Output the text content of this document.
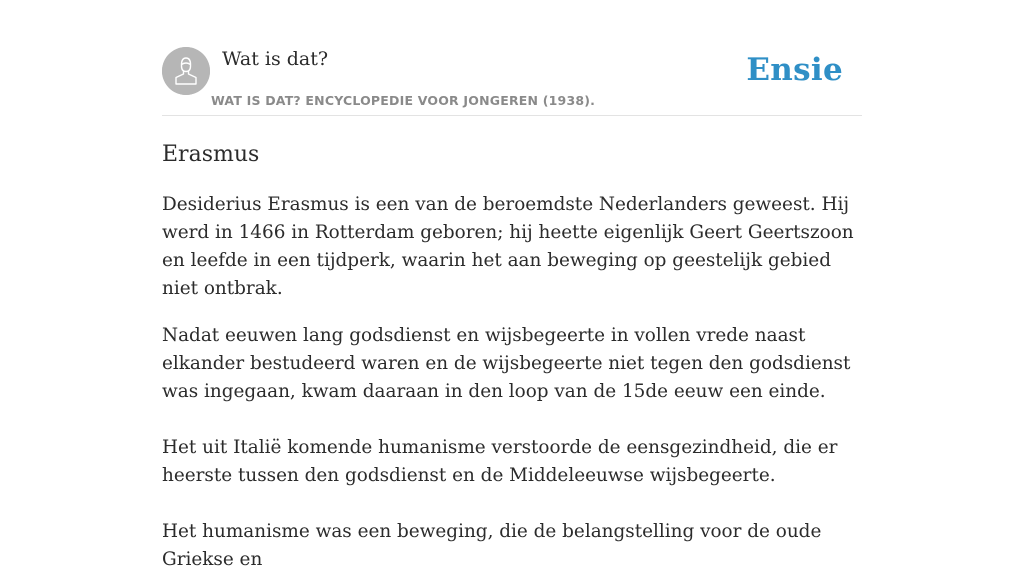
Wat is dat?
WAT IS DAT? ENCYCLOPEDIE VOOR JONGEREN (1938).
Ensie
Erasmus

Desiderius Erasmus is een van de beroemdste Nederlanders geweest. Hij werd in 1466 in Rotterdam geboren; hij heette eigenlijk Geert Geertszoon en leefde in een tijdperk, waarin het aan beweging op geestelijk gebied niet ontbrak.

Nadat eeuwen lang godsdienst en wijsbegeerte in vollen vrede naast elkander bestudeerd waren en de wijsbegeerte niet tegen den godsdienst was ingegaan, kwam daaraan in den loop van de 15de eeuw een einde.

Het uit Italië komende humanisme verstoorde de eensgezindheid, die er heerste tussen den godsdienst en de Middeleeuwse wijsbegeerte.

Het humanisme was een beweging, die de belangstelling voor de oude Griekse en
